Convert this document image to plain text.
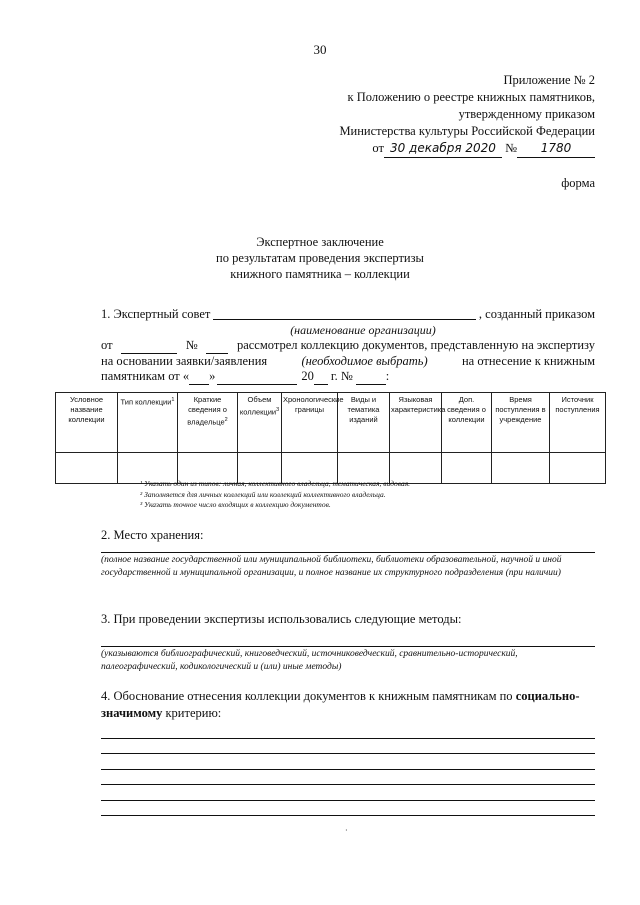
30
Приложение № 2
к Положению о реестре книжных памятников,
утвержденному приказом
Министерства культуры Российской Федерации
от 30 декабря 2020 № 1780
форма
Экспертное заключение
по результатам проведения экспертизы
книжного памятника – коллекции
1. Экспертный совет	, созданный приказом
(наименование организации)
от	№	рассмотрел коллекцию документов, представленную на экспертизу
на основании заявки/заявления	(необходимое выбрать)	на отнесение к книжным
памятникам от « »	20 г. №	:
Условное название коллекции	Тип коллекции$^1$	Краткие сведения о владельце$^2$	Объем коллекции$^3$	Хронологические границы	Виды и тематика изданий	Языковая характеристика	Доп. сведения о коллекции	Время поступления в учреждение	Источник поступления

¹ Указать один из типов: личная, коллективного владельца, тематическая, видовая.
² Заполняется для личных коллекций или коллекций коллективного владельца.
³ Указать точное число входящих в коллекцию документов.
2. Место хранения:
(полное название государственной или муниципальной библиотеки, библиотеки образовательной, научной и иной государственной и муниципальной организации, и полное название их структурного подразделения (при наличии)
3. При проведении экспертизы использовались следующие методы:
(указываются библиографический, книговедческий, источниковедческий, сравнительно-исторический, палеографический, кодикологический и (или) иные методы)
4. Обоснование отнесения коллекции документов к книжным памятникам по социально-значимому критерию:
·
